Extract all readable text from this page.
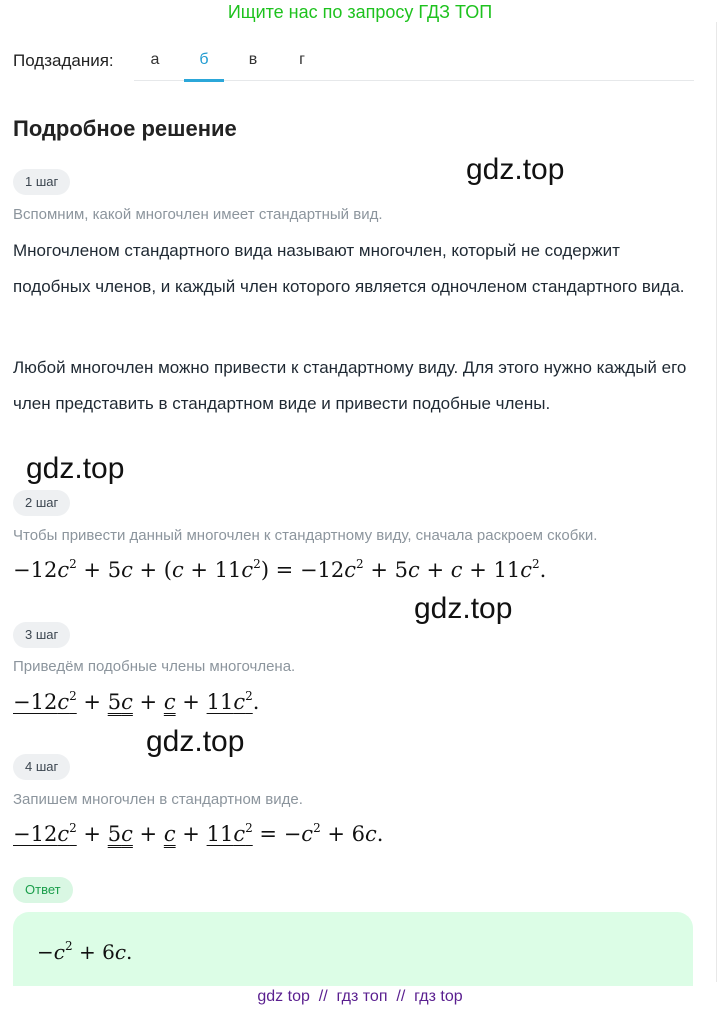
Ищите нас по запросу ГДЗ ТОП
Подзадания:	а	б	в	г
Подробное решение
gdz.top
gdz.top
gdz.top
gdz.top
1 шаг
Вспомним, какой многочлен имеет стандартный вид.
Многочленом стандартного вида называют многочлен, который не содержит подобных членов, и каждый член которого является одночленом стандартного вида.
Любой многочлен можно привести к стандартному виду. Для этого нужно каждый его член представить в стандартном виде и привести подобные члены.
2 шаг
Чтобы привести данный многочлен к стандартному виду, сначала раскроем скобки.
$-12c^2 + 5c + (c + 11c^2) = -12c^2 + 5c + c + 11c^2$.
3 шаг
Приведём подобные члены многочлена.
$-12c^2 + 5c + c + 11c^2$.
4 шаг
Запишем многочлен в стандартном виде.
$-12c^2 + 5c + c + 11c^2 = -c^2 + 6c$.
Ответ
$-c^2 + 6c$.
gdz top  //  гдз топ  //  гдз top
